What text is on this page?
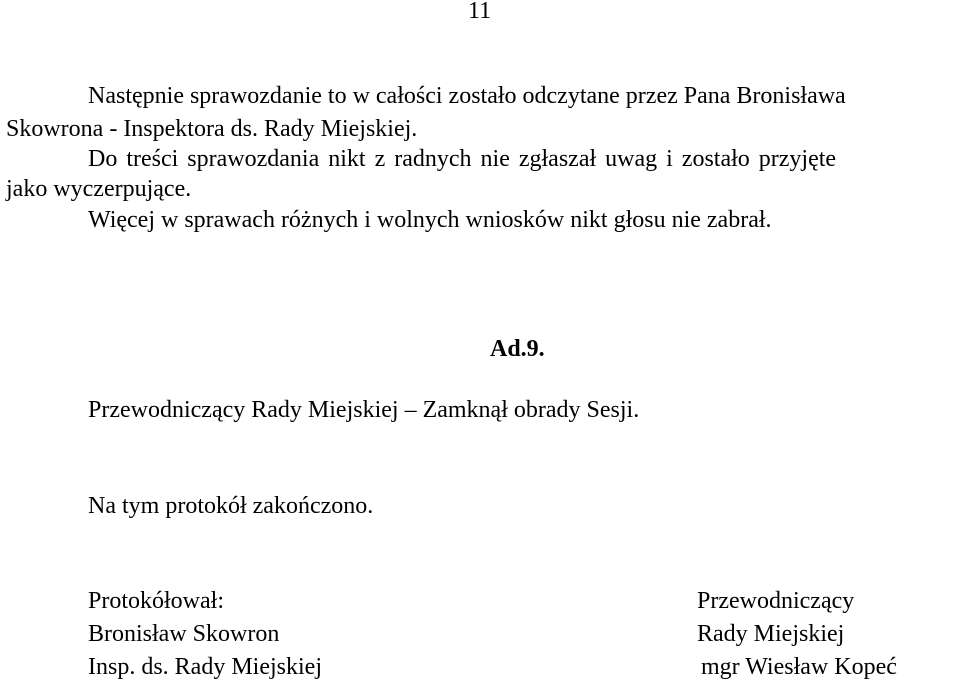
11
Następnie sprawozdanie to w całości zostało odczytane przez Pana Bronisława
Skowrona - Inspektora ds. Rady Miejskiej.
Do treści sprawozdania nikt z radnych nie zgłaszał uwag i zostało przyjęte
jako wyczerpujące.
Więcej w sprawach różnych i wolnych wniosków nikt głosu nie zabrał.
Ad.9.
Przewodniczący Rady Miejskiej – Zamknął obrady Sesji.
Na tym protokół zakończono.
Protokółował:
Bronisław Skowron
Insp. ds. Rady Miejskiej
Przewodniczący
Rady Miejskiej
mgr Wiesław Kopeć
